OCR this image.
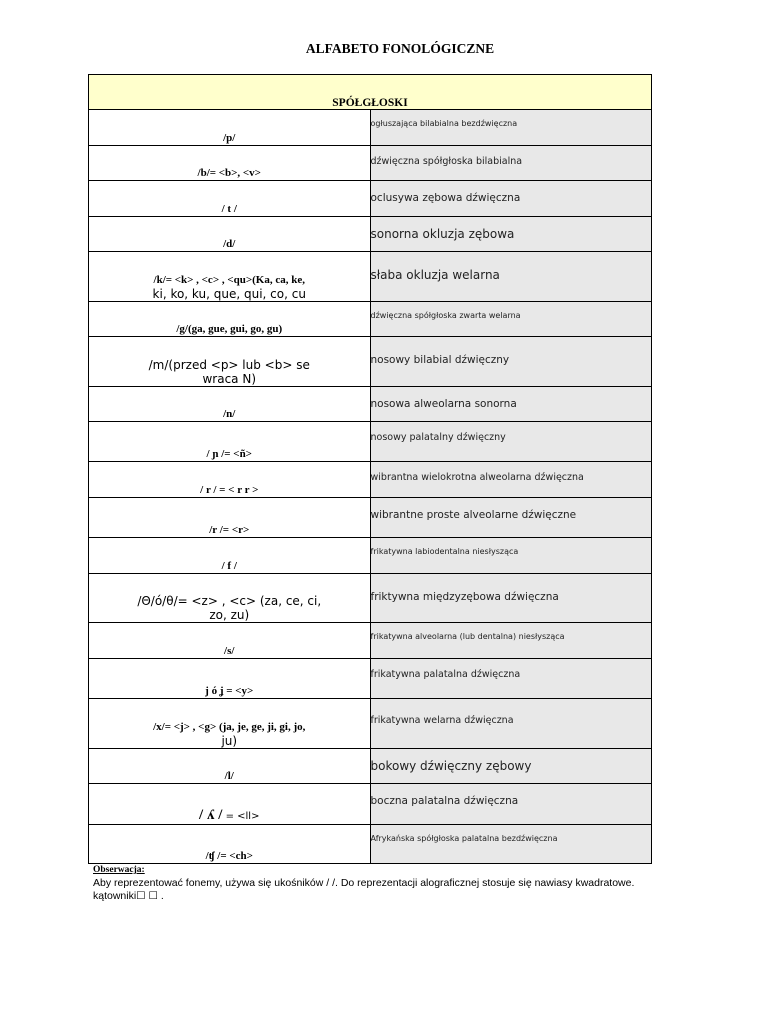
ALFABETO FONOLÓGICZNE
SPÓŁGŁOSKI	
/p/	ogłuszająca bilabialna bezdźwięczna
/b/= <b>, <v>	dźwięczna spółgłoska bilabialna
/ t /	oclusywa zębowa dźwięczna
/d/	sonorna okluzja zębowa

/k/= <k> , <c> , <qu>(Ka, ca, ke,
ki, ko, ku, que, qui, co, cu	słaba okluzja welarna
/g/(ga, gue, gui, go, gu)	dźwięczna spółgłoska zwarta welarna

/m/(przed <p> lub <b> se
wraca N)	nosowy bilabial dźwięczny
/n/	nosowa alweolarna sonorna
/ ɲ /= <ñ>	nosowy palatalny dźwięczny
/ r / = < r r >	wibrantna wielokrotna alweolarna dźwięczna
/r /= <r>	wibrantne proste alveolarne dźwięczne
/ f /	frikatywna labiodentalna niesłysząca

/Θ/ó/θ/= <z> , <c> (za, ce, ci,
zo, zu)	friktywna międzyzębowa dźwięczna
/s/	frikatywna alveolarna (lub dentalna) niesłysząca
j ó ʝ = <y>	frikatywna palatalna dźwięczna

/x/= <j> , <g> (ja, je, ge, ji, gi, jo,
ju)	frikatywna welarna dźwięczna
/l/	bokowy dźwięczny zębowy
/ ʎ / = <ll>	boczna palatalna dźwięczna
/ʧ /= <ch>	Afrykańska spółgłoska palatalna bezdźwięczna
Obserwacja:
Aby reprezentować fonemy, używa się ukośników / /. Do reprezentacji alograficznej stosuje się nawiasy kwadratowe.
kątowniki☐ ☐ .
